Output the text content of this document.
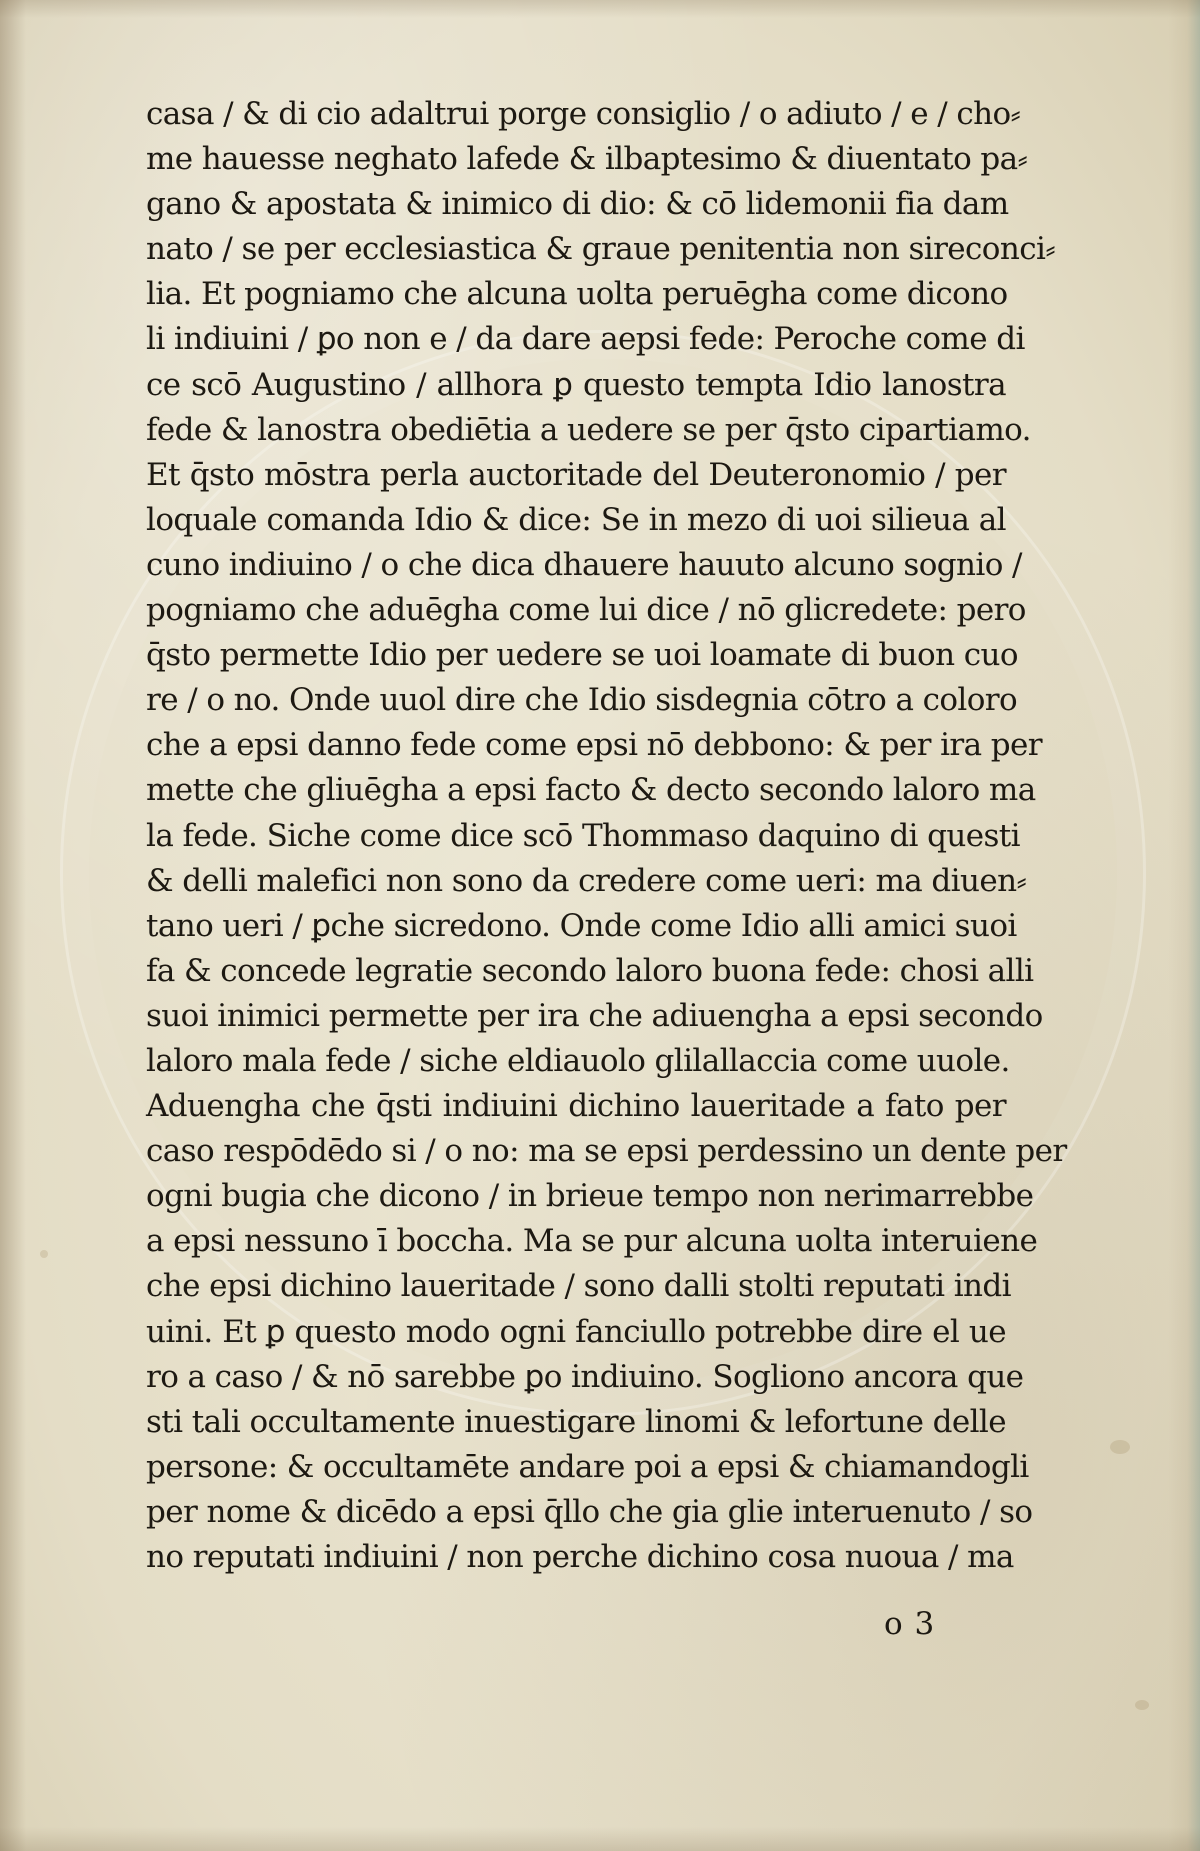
casa / & di cio adaltrui porge consiglio / o adiuto / e / cho⸗
me hauesse neghato lafede & ilbaptesimo & diuentato pa⸗
gano & apostata & inimico di dio: & cō lidemonii fia dam
nato / se per ecclesiastica & graue penitentia non sireconci⸗
lia. Et pogniamo che alcuna uolta peruēgha come dicono
li indiuini / ꝑo non e / da dare aepsi fede: Peroche come di
ce scō Augustino / allhora ꝑ questo tempta Idio lanostra
fede & lanostra obediētia a uedere se per q̄sto cipartiamo.
Et q̄sto mōstra perla auctoritade del Deuteronomio / per
loquale comanda Idio & dice: Se in mezo di uoi silieua al
cuno indiuino / o che dica dhauere hauuto alcuno sognio /
pogniamo che aduēgha come lui dice / nō glicredete: pero
q̄sto permette Idio per uedere se uoi loamate di buon cuo
re / o no. Onde uuol dire che Idio sisdegnia cōtro a coloro
che a epsi danno fede come epsi nō debbono: & per ira per
mette che gliuēgha a epsi facto & decto secondo laloro ma
la fede. Siche come dice scō Thommaso daquino di questi
& delli malefici non sono da credere come ueri: ma diuen⸗
tano ueri / ꝑche sicredono. Onde come Idio alli amici suoi
fa & concede legratie secondo laloro buona fede: chosi alli
suoi inimici permette per ira che adiuengha a epsi secondo
laloro mala fede / siche eldiauolo glilallaccia come uuole.
Aduengha che q̄sti indiuini dichino laueritade a fato per
caso respōdēdo si / o no: ma se epsi perdessino un dente per
ogni bugia che dicono / in brieue tempo non nerimarrebbe
a epsi nessuno ī boccha. Ma se pur alcuna uolta interuiene
che epsi dichino laueritade / sono dalli stolti reputati indi
uini. Et ꝑ questo modo ogni fanciullo potrebbe dire el ue
ro a caso / & nō sarebbe ꝑo indiuino. Sogliono ancora que
sti tali occultamente inuestigare linomi & lefortune delle
persone: & occultamēte andare poi a epsi & chiamandogli
per nome & dicēdo a epsi q̄llo che gia glie interuenuto / so
no reputati indiuini / non perche dichino cosa nuoua / ma
o 3
